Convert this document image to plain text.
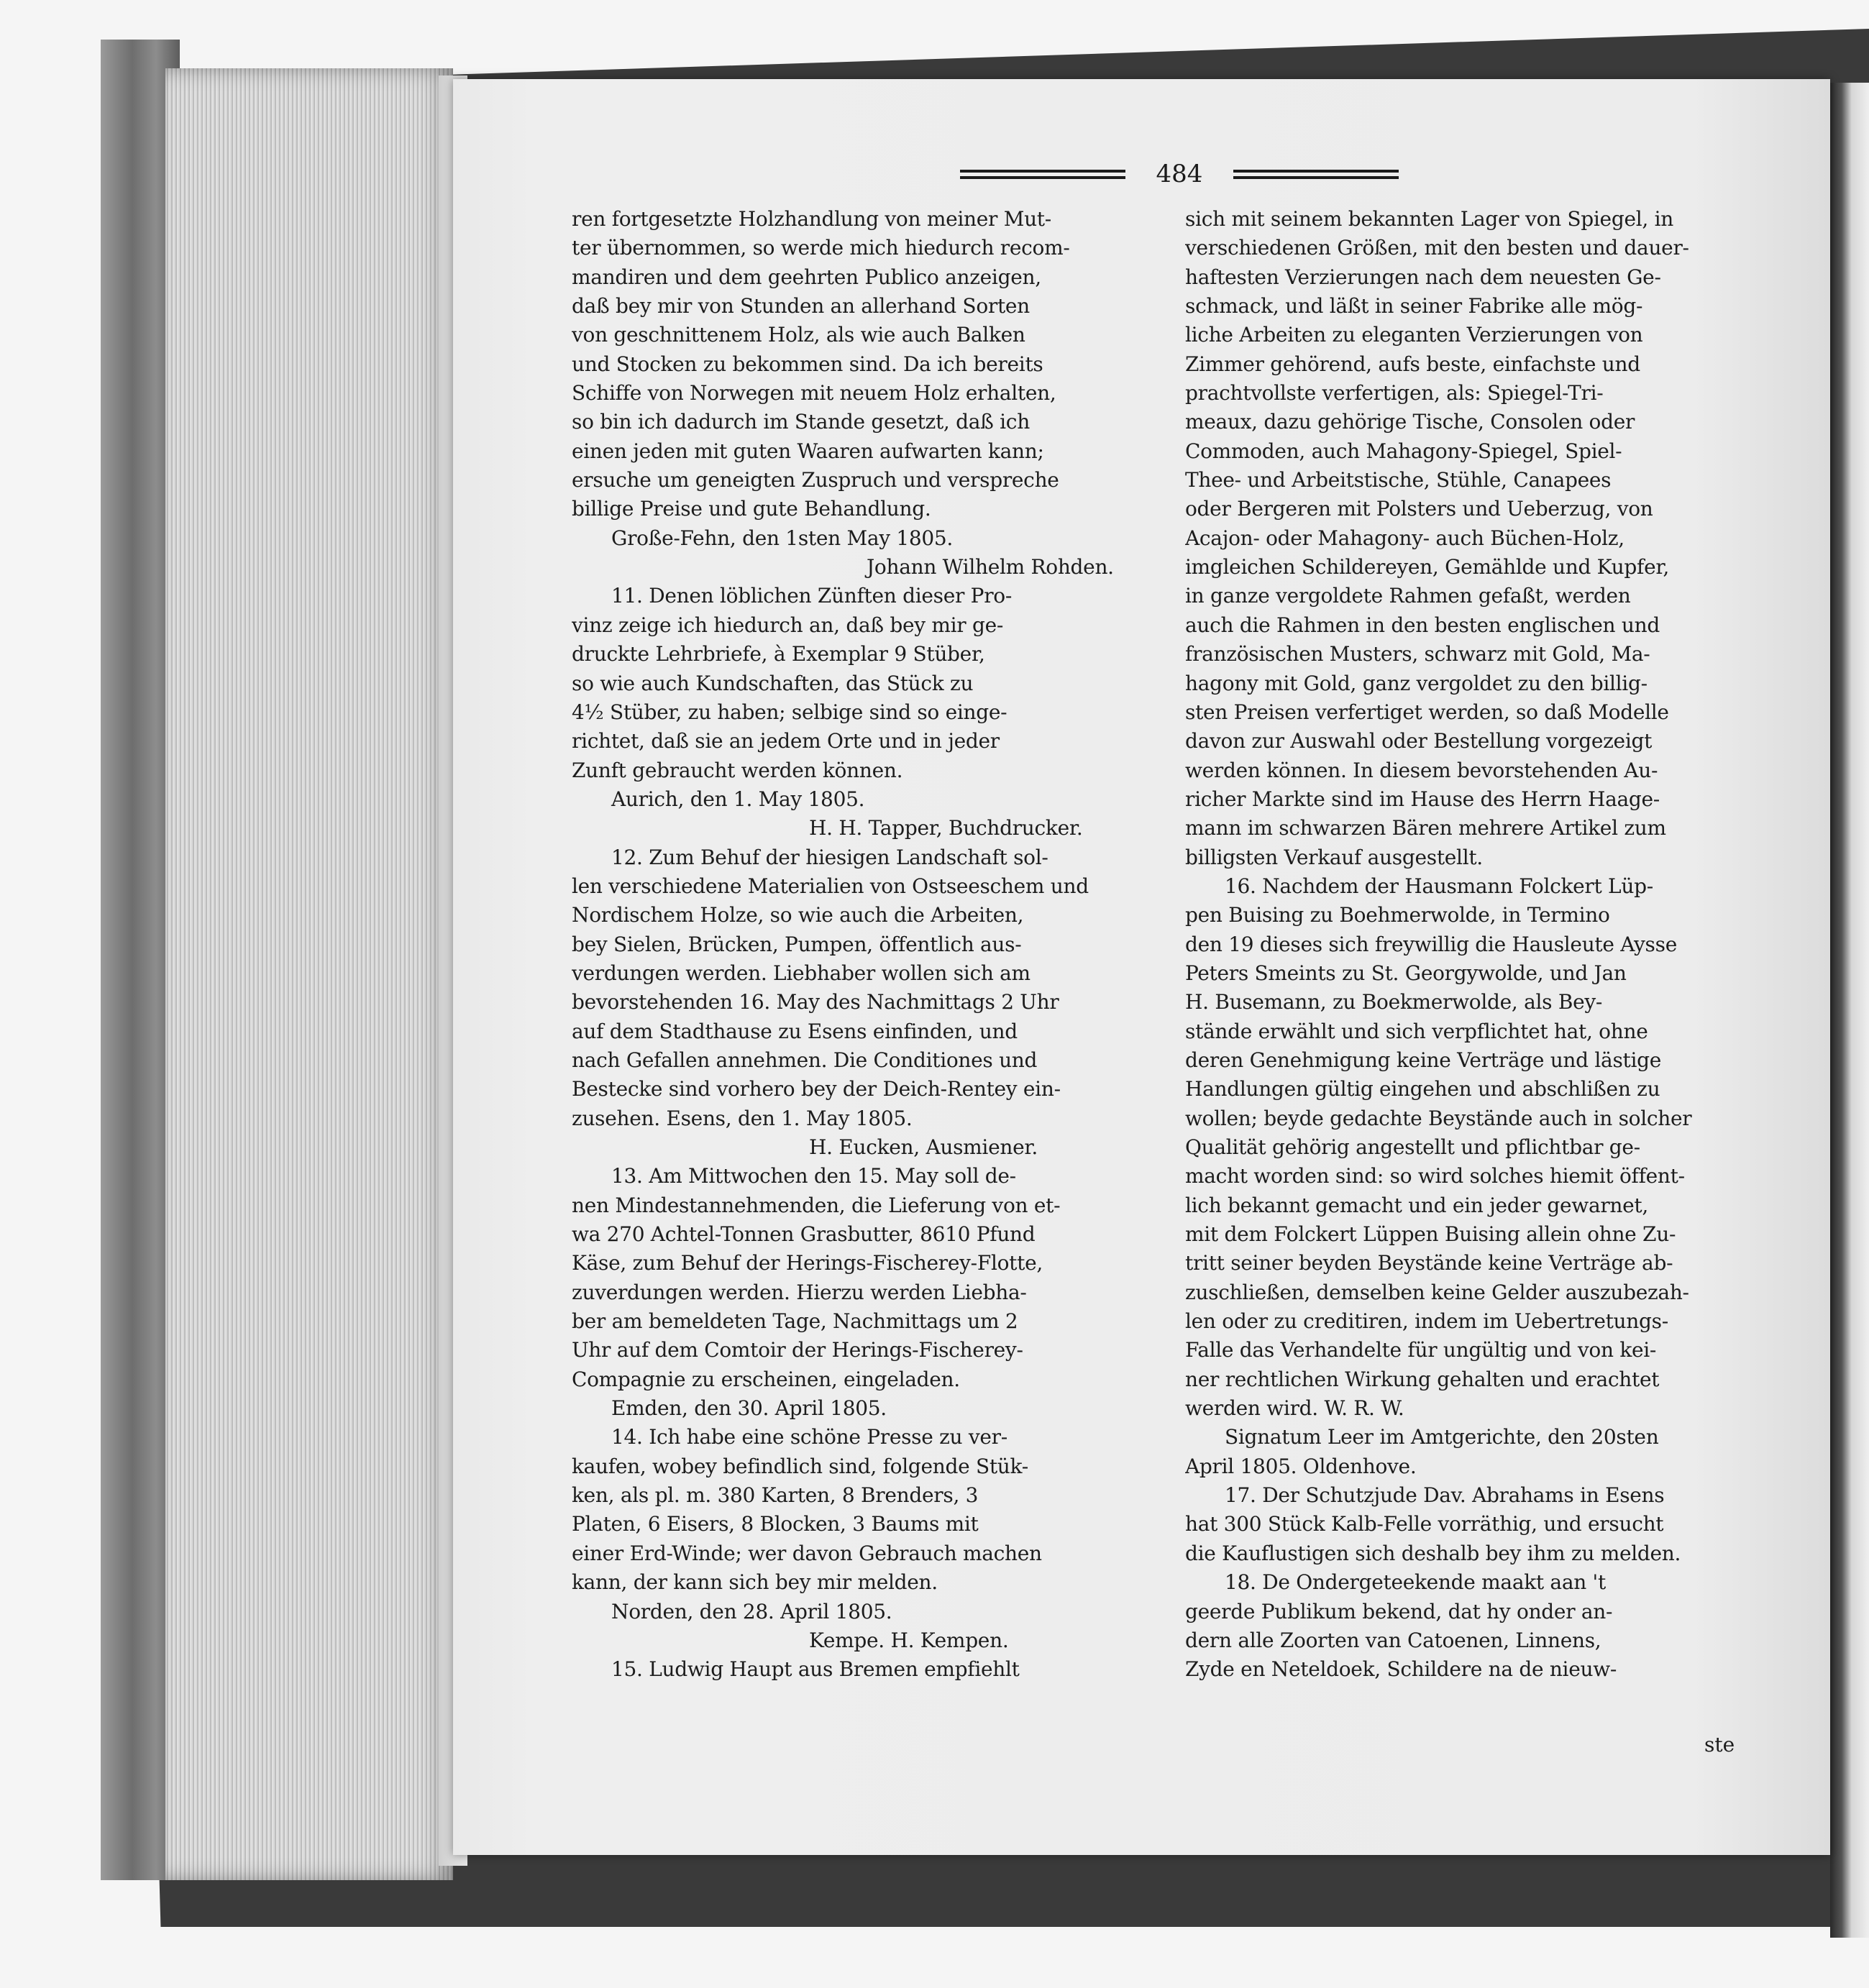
484
ren fortgesetzte Holzhandlung von meiner Mut-
ter übernommen, so werde mich hiedurch recom-
mandiren und dem geehrten Publico anzeigen,
daß bey mir von Stunden an allerhand Sorten
von geschnittenem Holz, als wie auch Balken
und Stocken zu bekommen sind. Da ich bereits
Schiffe von Norwegen mit neuem Holz erhalten,
so bin ich dadurch im Stande gesetzt, daß ich
einen jeden mit guten Waaren aufwarten kann;
ersuche um geneigten Zuspruch und verspreche
billige Preise und gute Behandlung.
Große-Fehn, den 1sten May 1805.
Johann Wilhelm Rohden.
11. Denen löblichen Zünften dieser Pro-
vinz zeige ich hiedurch an, daß bey mir ge-
druckte Lehrbriefe, à Exemplar 9 Stüber,
so wie auch Kundschaften, das Stück zu
4½ Stüber, zu haben; selbige sind so einge-
richtet, daß sie an jedem Orte und in jeder
Zunft gebraucht werden können.
Aurich, den 1. May 1805.
H. H. Tapper, Buchdrucker.
12. Zum Behuf der hiesigen Landschaft sol-
len verschiedene Materialien von Ostseeschem und
Nordischem Holze, so wie auch die Arbeiten,
bey Sielen, Brücken, Pumpen, öffentlich aus-
verdungen werden. Liebhaber wollen sich am
bevorstehenden 16. May des Nachmittags 2 Uhr
auf dem Stadthause zu Esens einfinden, und
nach Gefallen annehmen. Die Conditiones und
Bestecke sind vorhero bey der Deich-Rentey ein-
zusehen. Esens, den 1. May 1805.
H. Eucken, Ausmiener.
13. Am Mittwochen den 15. May soll de-
nen Mindestannehmenden, die Lieferung von et-
wa 270 Achtel-Tonnen Grasbutter, 8610 Pfund
Käse, zum Behuf der Herings-Fischerey-Flotte,
zuverdungen werden. Hierzu werden Liebha-
ber am bemeldeten Tage, Nachmittags um 2
Uhr auf dem Comtoir der Herings-Fischerey-
Compagnie zu erscheinen, eingeladen.
Emden, den 30. April 1805.
14. Ich habe eine schöne Presse zu ver-
kaufen, wobey befindlich sind, folgende Stük-
ken, als pl. m. 380 Karten, 8 Brenders, 3
Platen, 6 Eisers, 8 Blocken, 3 Baums mit
einer Erd-Winde; wer davon Gebrauch machen
kann, der kann sich bey mir melden.
Norden, den 28. April 1805.
Kempe. H. Kempen.
15. Ludwig Haupt aus Bremen empfiehlt
sich mit seinem bekannten Lager von Spiegel, in
verschiedenen Größen, mit den besten und dauer-
haftesten Verzierungen nach dem neuesten Ge-
schmack, und läßt in seiner Fabrike alle mög-
liche Arbeiten zu eleganten Verzierungen von
Zimmer gehörend, aufs beste, einfachste und
prachtvollste verfertigen, als: Spiegel-Tri-
meaux, dazu gehörige Tische, Consolen oder
Commoden, auch Mahagony-Spiegel, Spiel-
Thee- und Arbeitstische, Stühle, Canapees
oder Bergeren mit Polsters und Ueberzug, von
Acajon- oder Mahagony- auch Büchen-Holz,
imgleichen Schildereyen, Gemählde und Kupfer,
in ganze vergoldete Rahmen gefaßt, werden
auch die Rahmen in den besten englischen und
französischen Musters, schwarz mit Gold, Ma-
hagony mit Gold, ganz vergoldet zu den billig-
sten Preisen verfertiget werden, so daß Modelle
davon zur Auswahl oder Bestellung vorgezeigt
werden können. In diesem bevorstehenden Au-
richer Markte sind im Hause des Herrn Haage-
mann im schwarzen Bären mehrere Artikel zum
billigsten Verkauf ausgestellt.
16. Nachdem der Hausmann Folckert Lüp-
pen Buising zu Boehmerwolde, in Termino
den 19 dieses sich freywillig die Hausleute Aysse
Peters Smeints zu St. Georgywolde, und Jan
H. Busemann, zu Boekmerwolde, als Bey-
stände erwählt und sich verpflichtet hat, ohne
deren Genehmigung keine Verträge und lästige
Handlungen gültig eingehen und abschlißen zu
wollen; beyde gedachte Beystände auch in solcher
Qualität gehörig angestellt und pflichtbar ge-
macht worden sind: so wird solches hiemit öffent-
lich bekannt gemacht und ein jeder gewarnet,
mit dem Folckert Lüppen Buising allein ohne Zu-
tritt seiner beyden Beystände keine Verträge ab-
zuschließen, demselben keine Gelder auszubezah-
len oder zu creditiren, indem im Uebertretungs-
Falle das Verhandelte für ungültig und von kei-
ner rechtlichen Wirkung gehalten und erachtet
werden wird. W. R. W.
Signatum Leer im Amtgerichte, den 20sten
April 1805. Oldenhove.
17. Der Schutzjude Dav. Abrahams in Esens
hat 300 Stück Kalb-Felle vorräthig, und ersucht
die Kauflustigen sich deshalb bey ihm zu melden.
18. De Ondergeteekende maakt aan 't
geerde Publikum bekend, dat hy onder an-
dern alle Zoorten van Catoenen, Linnens,
Zyde en Neteldoek, Schildere na de nieuw-
ste
